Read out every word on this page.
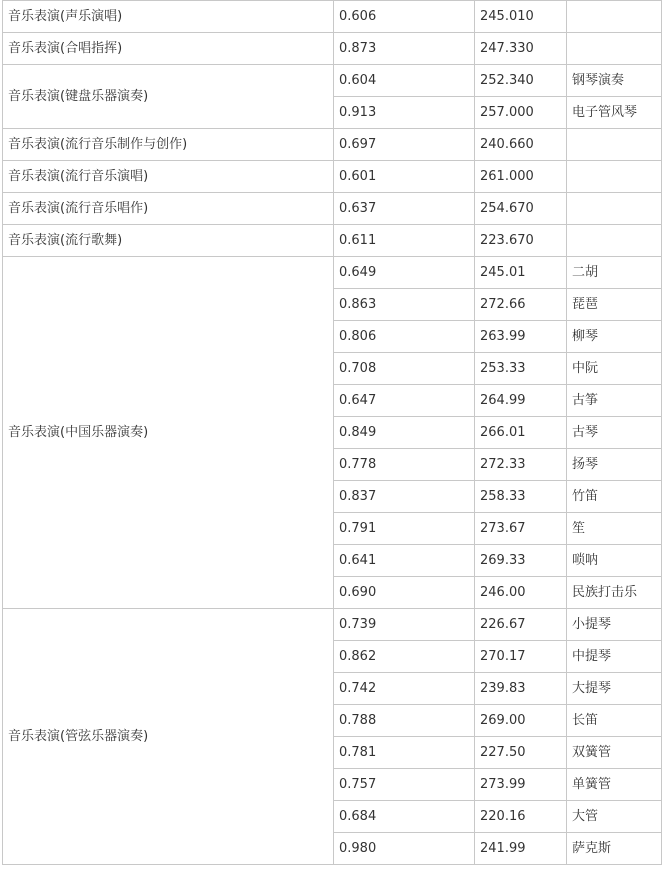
音乐表演(声乐演唱)	0.606	245.010	
音乐表演(合唱指挥)	0.873	247.330	
音乐表演(键盘乐器演奏)	0.604	252.340	钢琴演奏
	0.913	257.000	电子管风琴
音乐表演(流行音乐制作与创作)	0.697	240.660	
音乐表演(流行音乐演唱)	0.601	261.000	
音乐表演(流行音乐唱作)	0.637	254.670	
音乐表演(流行歌舞)	0.611	223.670	
音乐表演(中国乐器演奏)	0.649	245.01	二胡
	0.863	272.66	琵琶
	0.806	263.99	柳琴
	0.708	253.33	中阮
	0.647	264.99	古筝
	0.849	266.01	古琴
	0.778	272.33	扬琴
	0.837	258.33	竹笛
	0.791	273.67	笙
	0.641	269.33	唢呐
	0.690	246.00	民族打击乐
音乐表演(管弦乐器演奏)	0.739	226.67	小提琴
	0.862	270.17	中提琴
	0.742	239.83	大提琴
	0.788	269.00	长笛
	0.781	227.50	双簧管
	0.757	273.99	单簧管
	0.684	220.16	大管
	0.980	241.99	萨克斯
